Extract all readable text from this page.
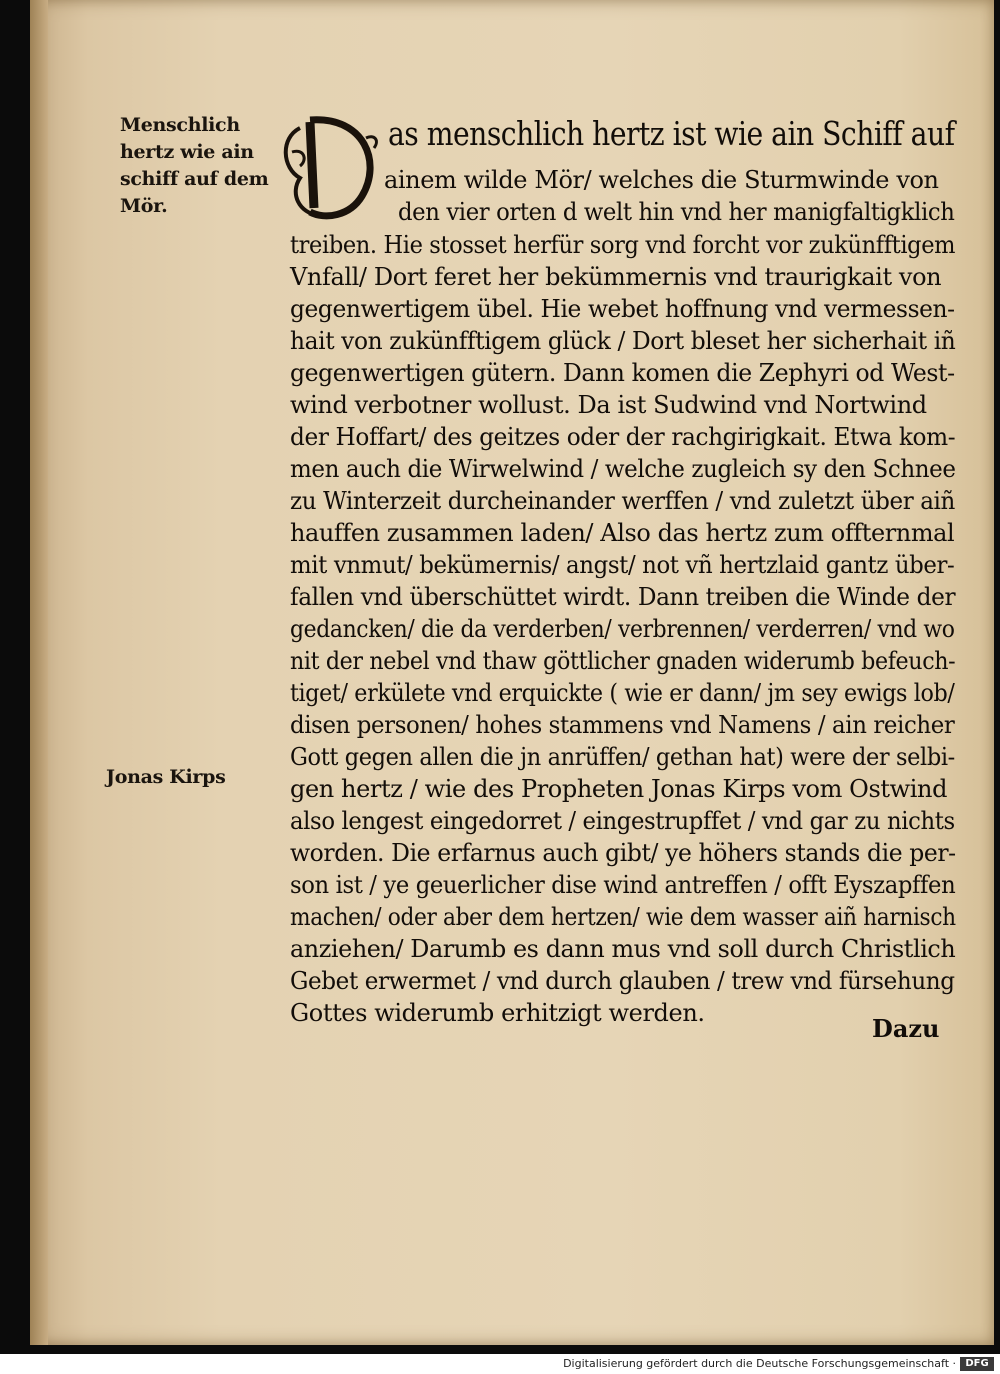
Menschlich
hertz wie ain
schiff auf dem
Mör.
Jonas Kirps
as menschlich hertz ist wie ain Schiff auf
ainem wilde Mör/ welches die Sturmwinde von
den vier orten d welt hin vnd her manigfaltigklich
treiben. Hie stosset herfür sorg vnd forcht vor zukünfftigem
Vnfall/ Dort feret her bekümmernis vnd traurigkait von
gegenwertigem übel. Hie webet hoffnung vnd vermessen-
hait von zukünfftigem glück / Dort bleset her sicherhait iñ
gegenwertigen gütern. Dann komen die Zephyri od West-
wind verbotner wollust. Da ist Sudwind vnd Nortwind
der Hoffart/ des geitzes oder der rachgirigkait. Etwa kom-
men auch die Wirwelwind / welche zugleich sy den Schnee
zu Winterzeit durcheinander werffen / vnd zuletzt über aiñ
hauffen zusammen laden/ Also das hertz zum offternmal
mit vnmut/ bekümernis/ angst/ not vñ hertzlaid gantz über-
fallen vnd überschüttet wirdt. Dann treiben die Winde der
gedancken/ die da verderben/ verbrennen/ verderren/ vnd wo
nit der nebel vnd thaw göttlicher gnaden widerumb befeuch-
tiget/ erkülete vnd erquickte ( wie er dann/ jm sey ewigs lob/
disen personen/ hohes stammens vnd Namens / ain reicher
Gott gegen allen die jn anrüffen/ gethan hat) were der selbi-
gen hertz / wie des Propheten Jonas Kirps vom Ostwind
also lengest eingedorret / eingestrupffet / vnd gar zu nichts
worden. Die erfarnus auch gibt/ ye höhers stands die per-
son ist / ye geuerlicher dise wind antreffen / offt Eyszapffen
machen/ oder aber dem hertzen/ wie dem wasser aiñ harnisch
anziehen/ Darumb es dann mus vnd soll durch Christlich
Gebet erwermet / vnd durch glauben / trew vnd fürsehung
Gottes widerumb erhitzigt werden.
Dazu
Digitalisierung gefördert durch die Deutsche Forschungsgemeinschaft · DFG
